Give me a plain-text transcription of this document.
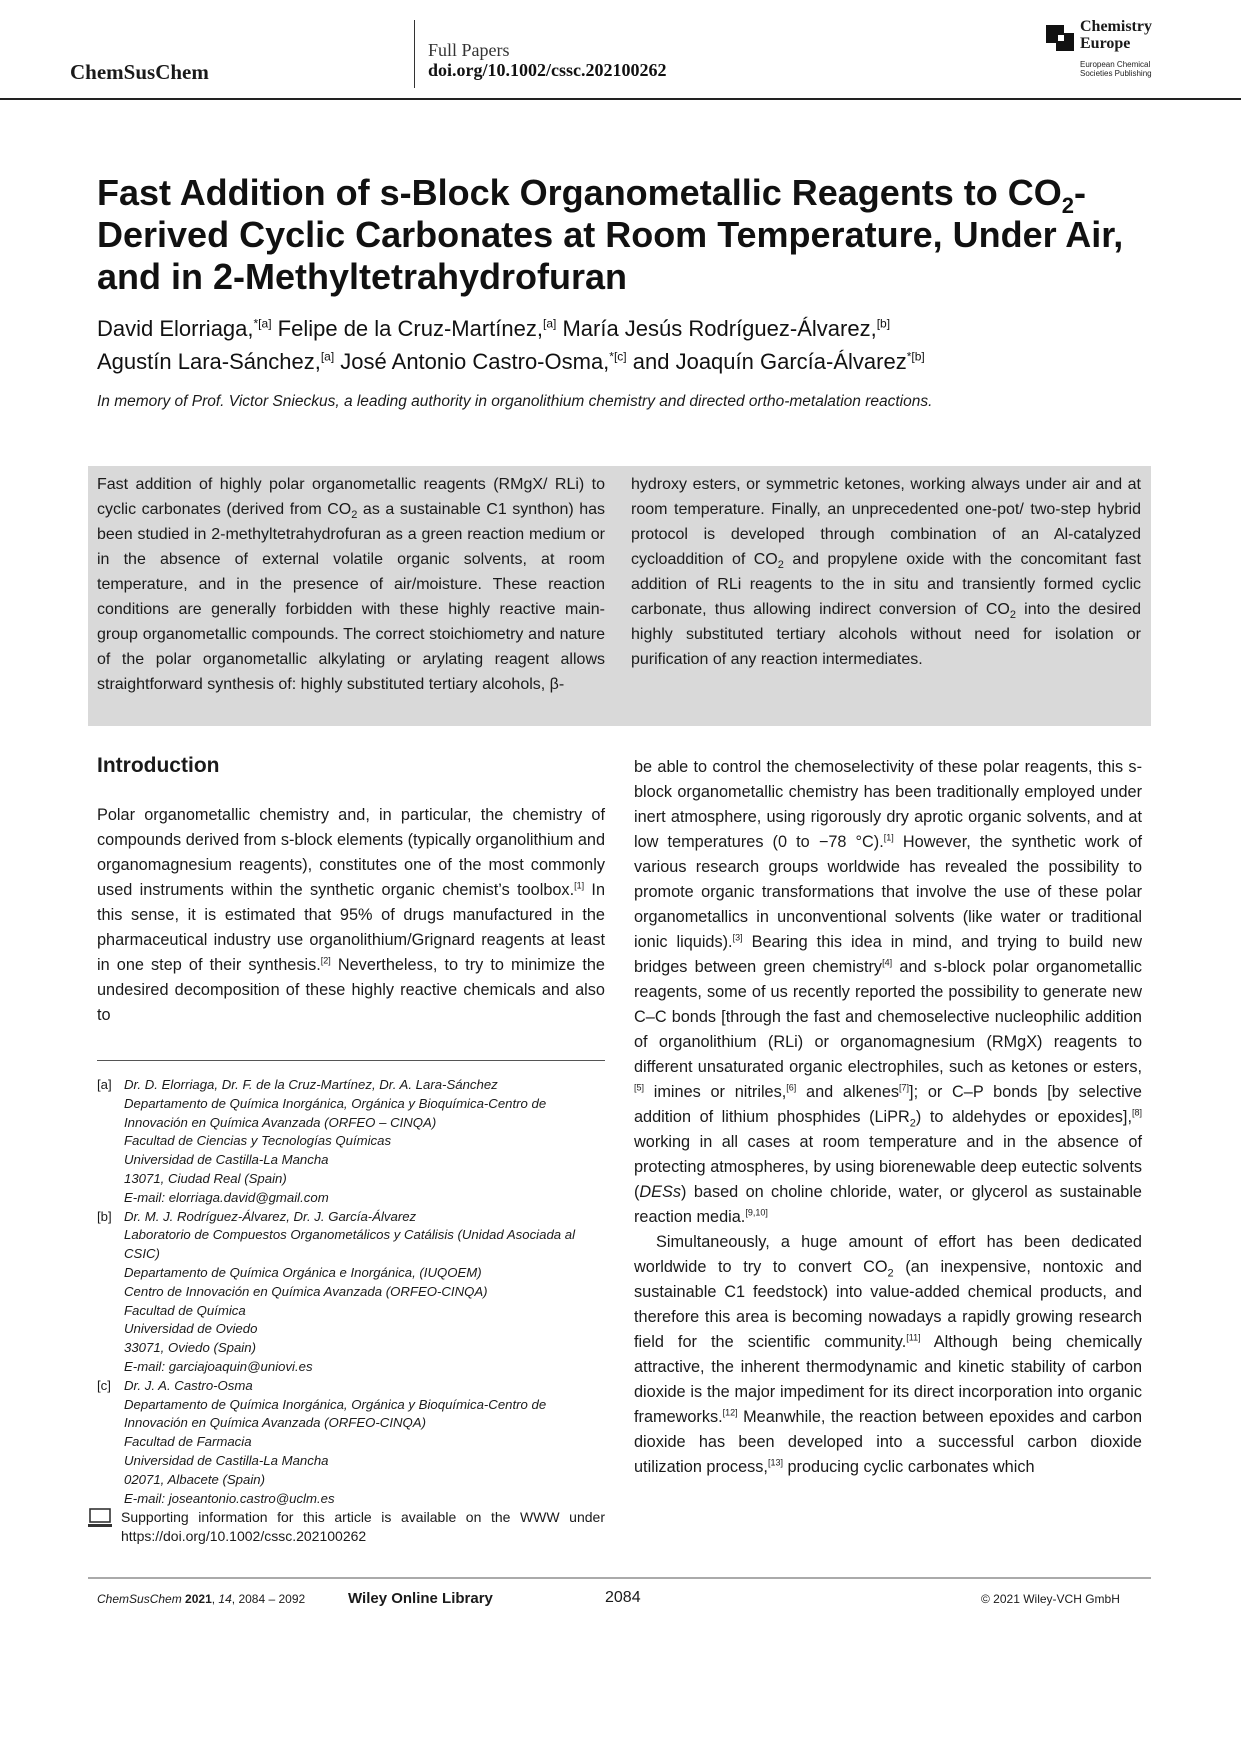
ChemSusChem
Full Papers
doi.org/10.1002/cssc.202100262
Chemistry
Europe
European Chemical
Societies Publishing
Fast Addition of s-Block Organometallic Reagents to $CO_2$-Derived Cyclic Carbonates at Room Temperature, Under Air, and in 2-Methyltetrahydrofuran
David Elorriaga,$^{*[a]}$ Felipe de la Cruz-Martínez,[a] María Jesús Rodríguez-Álvarez,[b]
Agustín Lara-Sánchez,[a] José Antonio Castro-Osma,$^{*[c]}$ and Joaquín García-Álvarez$^{*[b]}$
In memory of Prof. Victor Snieckus, a leading authority in organolithium chemistry and directed ortho-metalation reactions.
Fast addition of highly polar organometallic reagents (RMgX/ RLi) to cyclic carbonates (derived from $CO_2$ as a sustainable C1 synthon) has been studied in 2-methyltetrahydrofuran as a green reaction medium or in the absence of external volatile organic solvents, at room temperature, and in the presence of air/moisture. These reaction conditions are generally forbidden with these highly reactive main-group organometallic compounds. The correct stoichiometry and nature of the polar organometallic alkylating or arylating reagent allows straightforward synthesis of: highly substituted tertiary alcohols, β-
hydroxy esters, or symmetric ketones, working always under air and at room temperature. Finally, an unprecedented one-pot/ two-step hybrid protocol is developed through combination of an Al-catalyzed cycloaddition of $CO_2$ and propylene oxide with the concomitant fast addition of RLi reagents to the in situ and transiently formed cyclic carbonate, thus allowing indirect conversion of $CO_2$ into the desired highly substituted tertiary alcohols without need for isolation or purification of any reaction intermediates.
Introduction
Polar organometallic chemistry and, in particular, the chemistry of compounds derived from s-block elements (typically organolithium and organomagnesium reagents), constitutes one of the most commonly used instruments within the synthetic organic chemist’s toolbox.[1] In this sense, it is estimated that 95% of drugs manufactured in the pharmaceutical industry use organolithium/Grignard reagents at least in one step of their synthesis.[2] Nevertheless, to try to minimize the undesired decomposition of these highly reactive chemicals and also to

be able to control the chemoselectivity of these polar reagents, this s-block organometallic chemistry has been traditionally employed under inert atmosphere, using rigorously dry aprotic organic solvents, and at low temperatures (0 to −78 °C).[1] However, the synthetic work of various research groups worldwide has revealed the possibility to promote organic transformations that involve the use of these polar organometallics in unconventional solvents (like water or traditional ionic liquids).[3] Bearing this idea in mind, and trying to build new bridges between green chemistry[4] and s-block polar organometallic reagents, some of us recently reported the possibility to generate new C–C bonds [through the fast and chemoselective nucleophilic addition of organolithium (RLi) or organomagnesium (RMgX) reagents to different unsaturated organic electrophiles, such as ketones or esters,[5] imines or nitriles,[6] and alkenes[7]]; or C–P bonds [by selective addition of lithium phosphides (LiPR$_2$) to aldehydes or epoxides],[8] working in all cases at room temperature and in the absence of protecting atmospheres, by using biorenewable deep eutectic solvents (DESs) based on choline chloride, water, or glycerol as sustainable reaction media.[9,10]

Simultaneously, a huge amount of effort has been dedicated worldwide to try to convert $CO_2$ (an inexpensive, nontoxic and sustainable C1 feedstock) into value-added chemical products, and therefore this area is becoming nowadays a rapidly growing research field for the scientific community.[11] Although being chemically attractive, the inherent thermodynamic and kinetic stability of carbon dioxide is the major impediment for its direct incorporation into organic frameworks.[12] Meanwhile, the reaction between epoxides and carbon dioxide has been developed into a successful carbon dioxide utilization process,[13] producing cyclic carbonates which

[a] Dr. D. Elorriaga, Dr. F. de la Cruz-Martínez, Dr. A. Lara-Sánchez
Departamento de Química Inorgánica, Orgánica y Bioquímica-Centro de Innovación en Química Avanzada (ORFEO – CINQA)
Facultad de Ciencias y Tecnologías Químicas
Universidad de Castilla-La Mancha
13071, Ciudad Real (Spain)
E-mail: elorriaga.david@gmail.com
[b] Dr. M. J. Rodríguez-Álvarez, Dr. J. García-Álvarez
Laboratorio de Compuestos Organometálicos y Catálisis (Unidad Asociada al CSIC)
Departamento de Química Orgánica e Inorgánica, (IUQOEM)
Centro de Innovación en Química Avanzada (ORFEO-CINQA)
Facultad de Química
Universidad de Oviedo
33071, Oviedo (Spain)
E-mail: garciajoaquin@uniovi.es
[c] Dr. J. A. Castro-Osma
Departamento de Química Inorgánica, Orgánica y Bioquímica-Centro de Innovación en Química Avanzada (ORFEO-CINQA)
Facultad de Farmacia
Universidad de Castilla-La Mancha
02071, Albacete (Spain)
E-mail: joseantonio.castro@uclm.es
Supporting information for this article is available on the WWW under https://doi.org/10.1002/cssc.202100262
ChemSusChem 2021, 14, 2084 – 2092	Wiley Online Library	2084	© 2021 Wiley-VCH GmbH
